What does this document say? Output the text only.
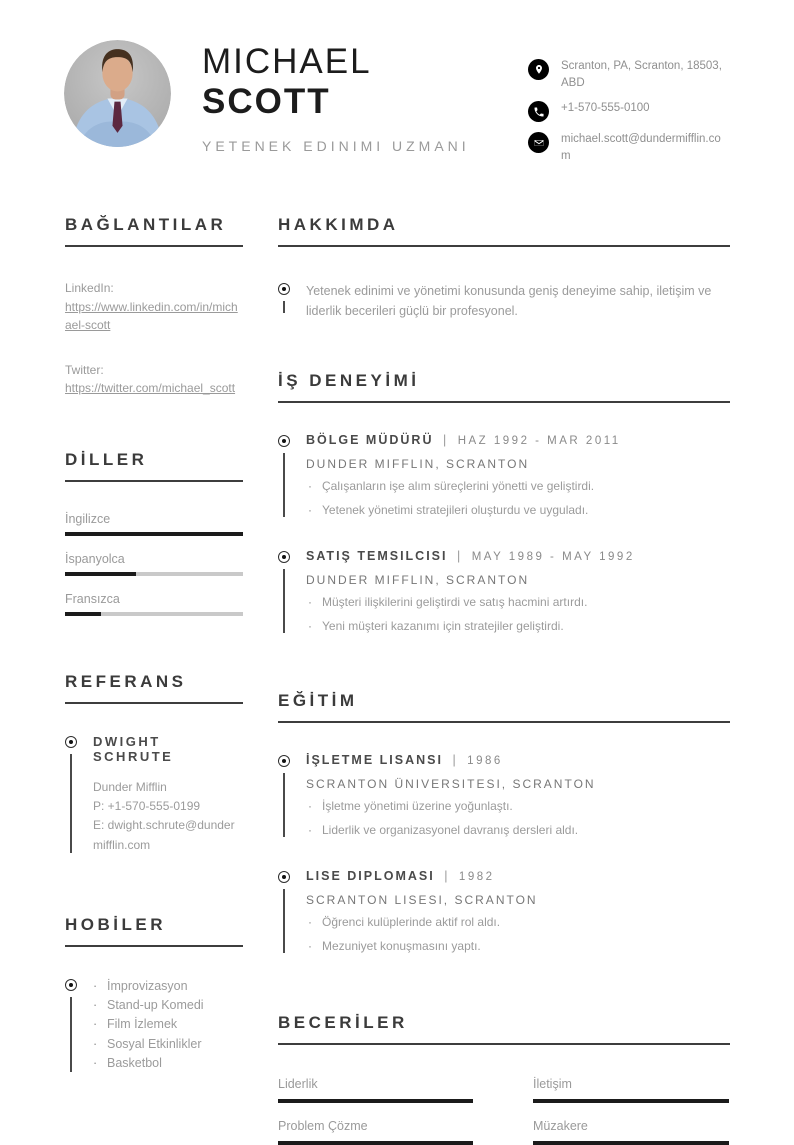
MICHAEL
SCOTT
YETENEK EDINIMI UZMANI
Scranton, PA, Scranton, 18503, ABD
+1-570-555-0100
michael.scott@dundermifflin.com
BAĞLANTILAR
LinkedIn:
https://www.linkedin.com/in/michael-scott
Twitter:
https://twitter.com/michael_scott
DİLLER
İngilizce
İspanyolca
Fransızca
REFERANS
DWIGHT SCHRUTE
Dunder Mifflin
P: +1-570-555-0199
E: dwight.schrute@dundermifflin.com
HOBİLER
· İmprovizasyon
· Stand-up Komedi
· Film İzlemek
· Sosyal Etkinlikler
· Basketbol
HAKKIMDA

Yetenek edinimi ve yönetimi konusunda geniş deneyime sahip, iletişim ve liderlik becerileri güçlü bir profesyonel.

İŞ DENEYİMİ
BÖLGE MÜDÜRÜ | HAZ 1992 - MAR 2011
DUNDER MIFFLIN, SCRANTON
· Çalışanların işe alım süreçlerini yönetti ve geliştirdi.
· Yetenek yönetimi stratejileri oluşturdu ve uyguladı.
SATIŞ TEMSILCISI | MAY 1989 - MAY 1992
DUNDER MIFFLIN, SCRANTON
· Müşteri ilişkilerini geliştirdi ve satış hacmini artırdı.
· Yeni müşteri kazanımı için stratejiler geliştirdi.
EĞİTİM
İŞLETME LISANSI | 1986
SCRANTON ÜNIVERSITESI, SCRANTON
· İşletme yönetimi üzerine yoğunlaştı.
· Liderlik ve organizasyonel davranış dersleri aldı.
LISE DIPLOMASI | 1982
SCRANTON LISESI, SCRANTON
· Öğrenci kulüplerinde aktif rol aldı.
· Mezuniyet konuşmasını yaptı.
BECERİLER
Liderlik	İletişim
Problem Çözme	Müzakere
